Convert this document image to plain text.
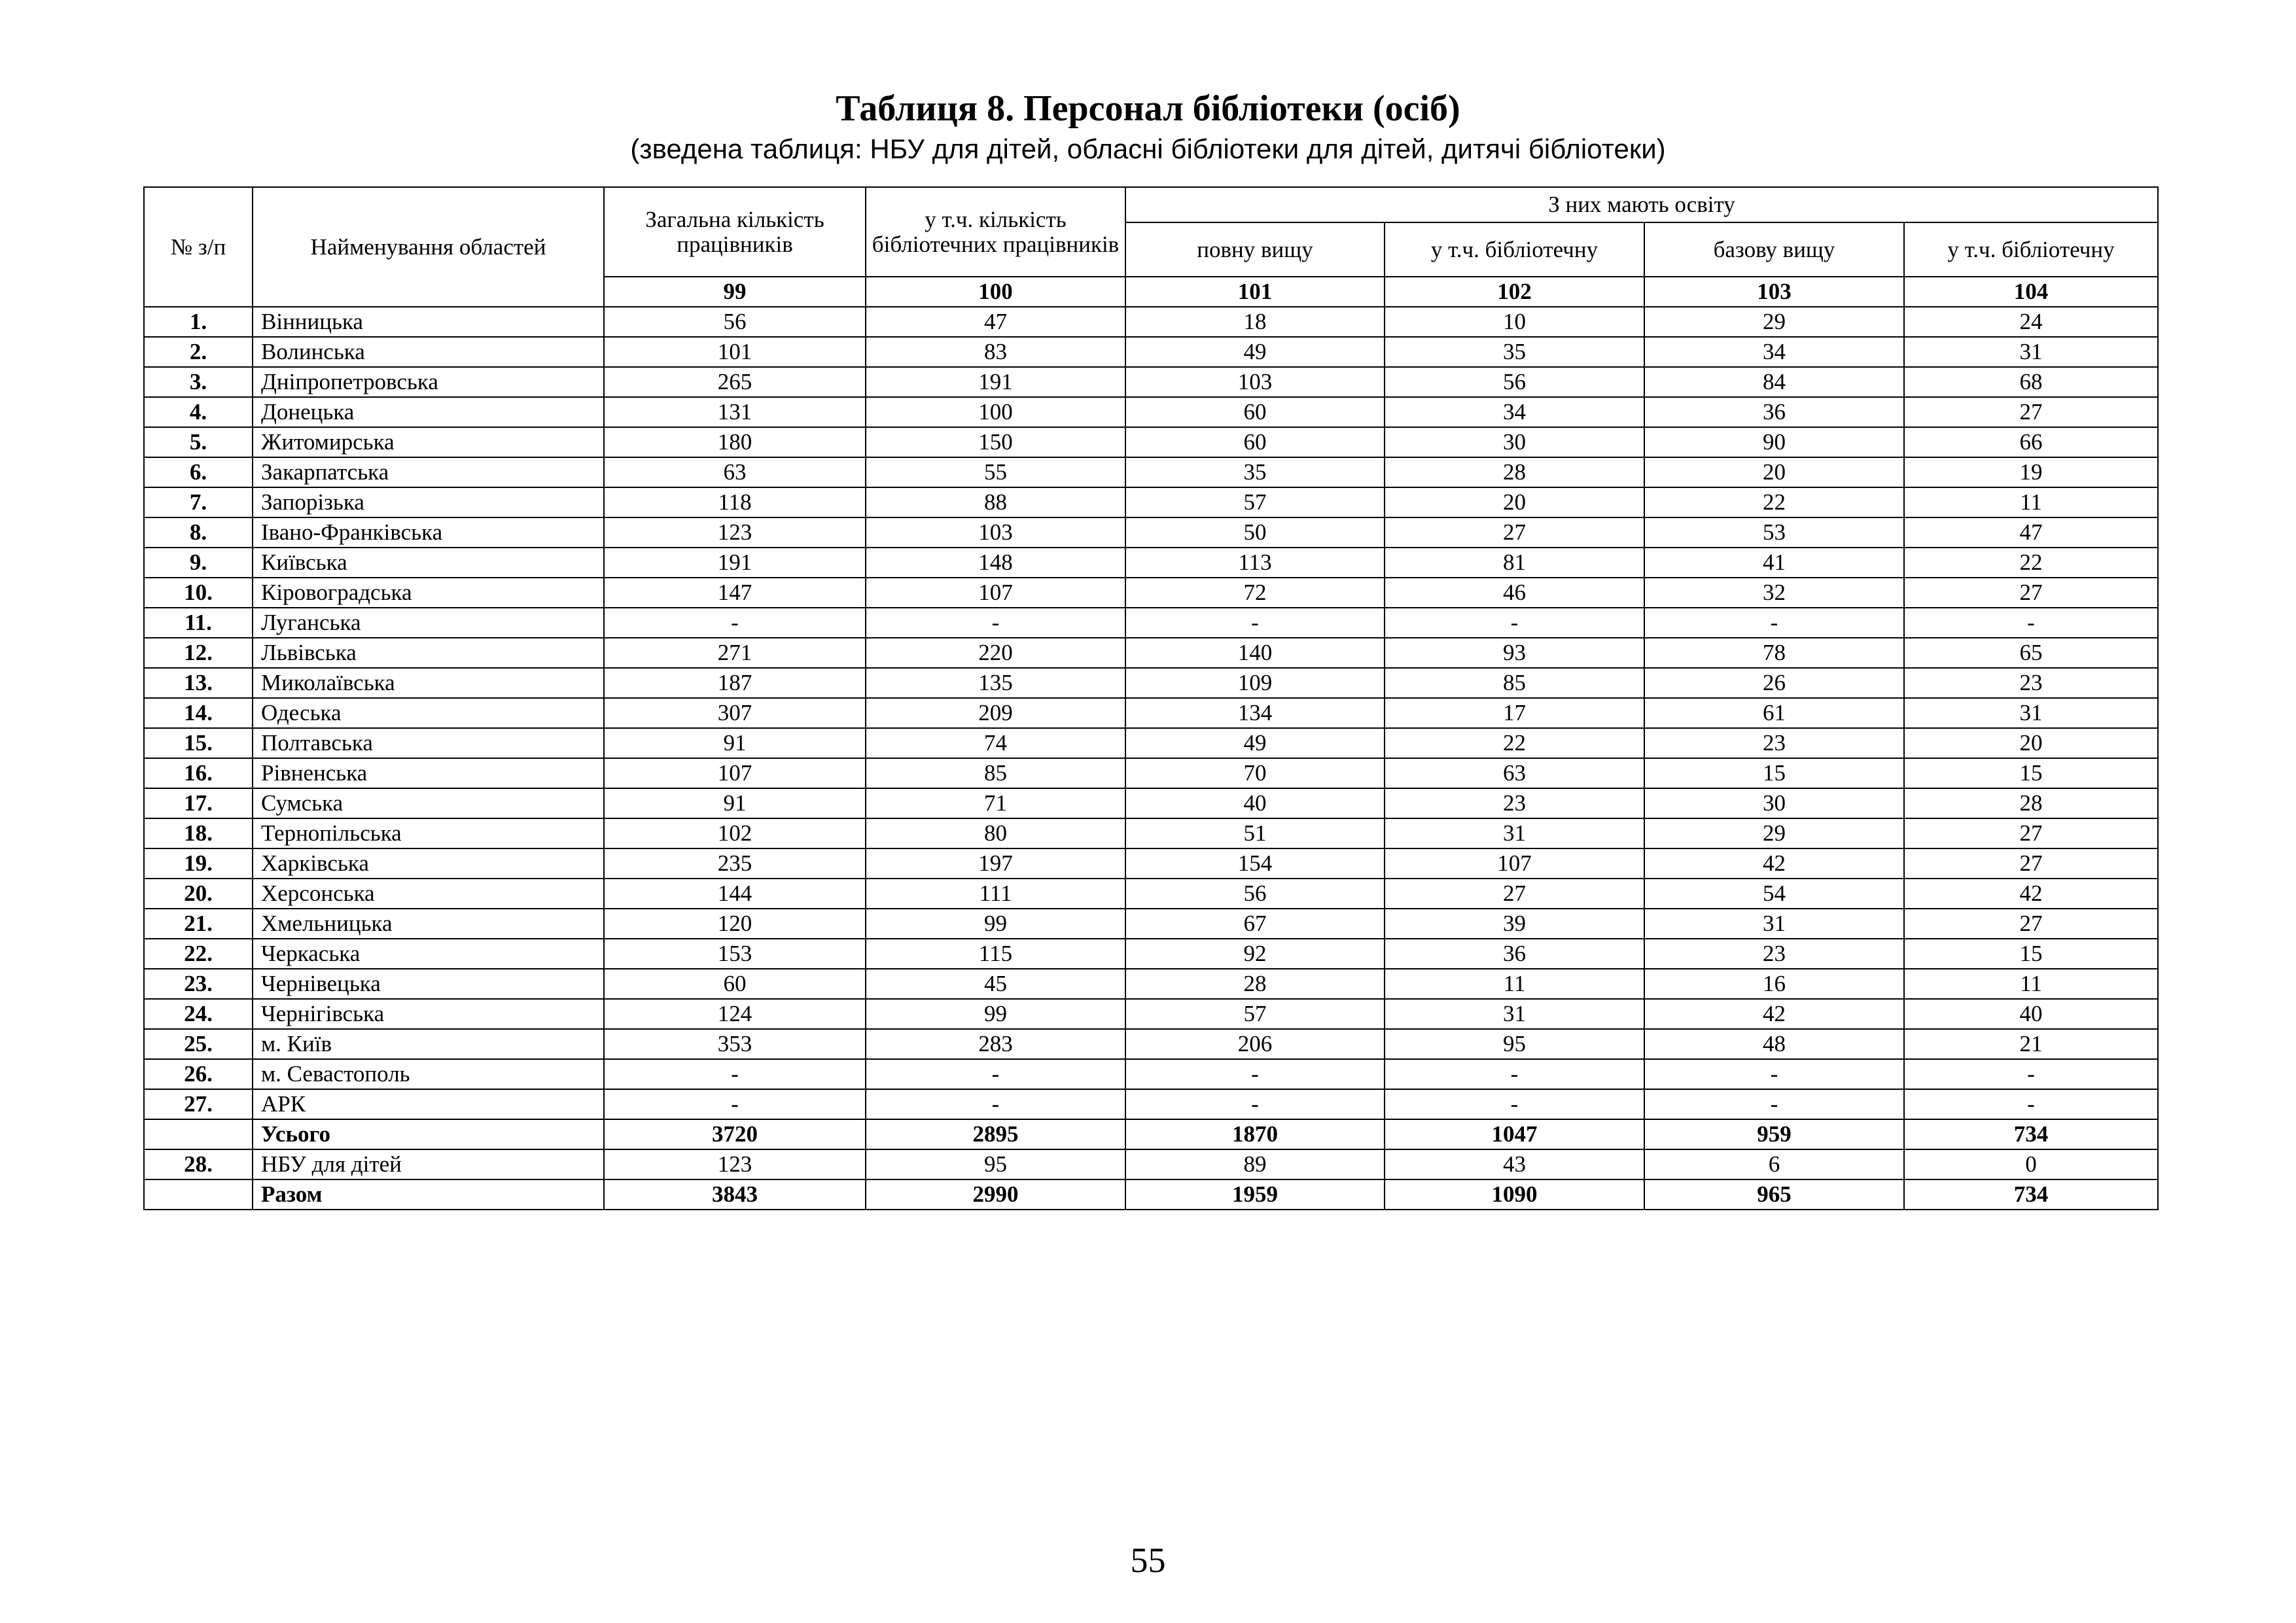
Таблиця 8. Персонал бібліотеки (осіб)
(зведена таблиця: НБУ для дітей, обласні бібліотеки для дітей, дитячі бібліотеки)
№ з/п	Найменування областей	Загальна кількість працівників	у т.ч. кількість бібліотечних працівників	З них мають освіту			
				повну вищу	у т.ч. бібліотечну	базову вищу	у т.ч. бібліотечну
		99	100	101	102	103	104
1.	Вінницька	56	47	18	10	29	24
2.	Волинська	101	83	49	35	34	31
3.	Дніпропетровська	265	191	103	56	84	68
4.	Донецька	131	100	60	34	36	27
5.	Житомирська	180	150	60	30	90	66
6.	Закарпатська	63	55	35	28	20	19
7.	Запорізька	118	88	57	20	22	11
8.	Івано-Франківська	123	103	50	27	53	47
9.	Київська	191	148	113	81	41	22
10.	Кіровоградська	147	107	72	46	32	27
11.	Луганська	-	-	-	-	-	-
12.	Львівська	271	220	140	93	78	65
13.	Миколаївська	187	135	109	85	26	23
14.	Одеська	307	209	134	17	61	31
15.	Полтавська	91	74	49	22	23	20
16.	Рівненська	107	85	70	63	15	15
17.	Сумська	91	71	40	23	30	28
18.	Тернопільська	102	80	51	31	29	27
19.	Харківська	235	197	154	107	42	27
20.	Херсонська	144	111	56	27	54	42
21.	Хмельницька	120	99	67	39	31	27
22.	Черкаська	153	115	92	36	23	15
23.	Чернівецька	60	45	28	11	16	11
24.	Чернігівська	124	99	57	31	42	40
25.	м. Київ	353	283	206	95	48	21
26.	м. Севастополь	-	-	-	-	-	-
27.	АРК	-	-	-	-	-	-
	Усього	3720	2895	1870	1047	959	734
28.	НБУ для дітей	123	95	89	43	6	0
	Разом	3843	2990	1959	1090	965	734
55
